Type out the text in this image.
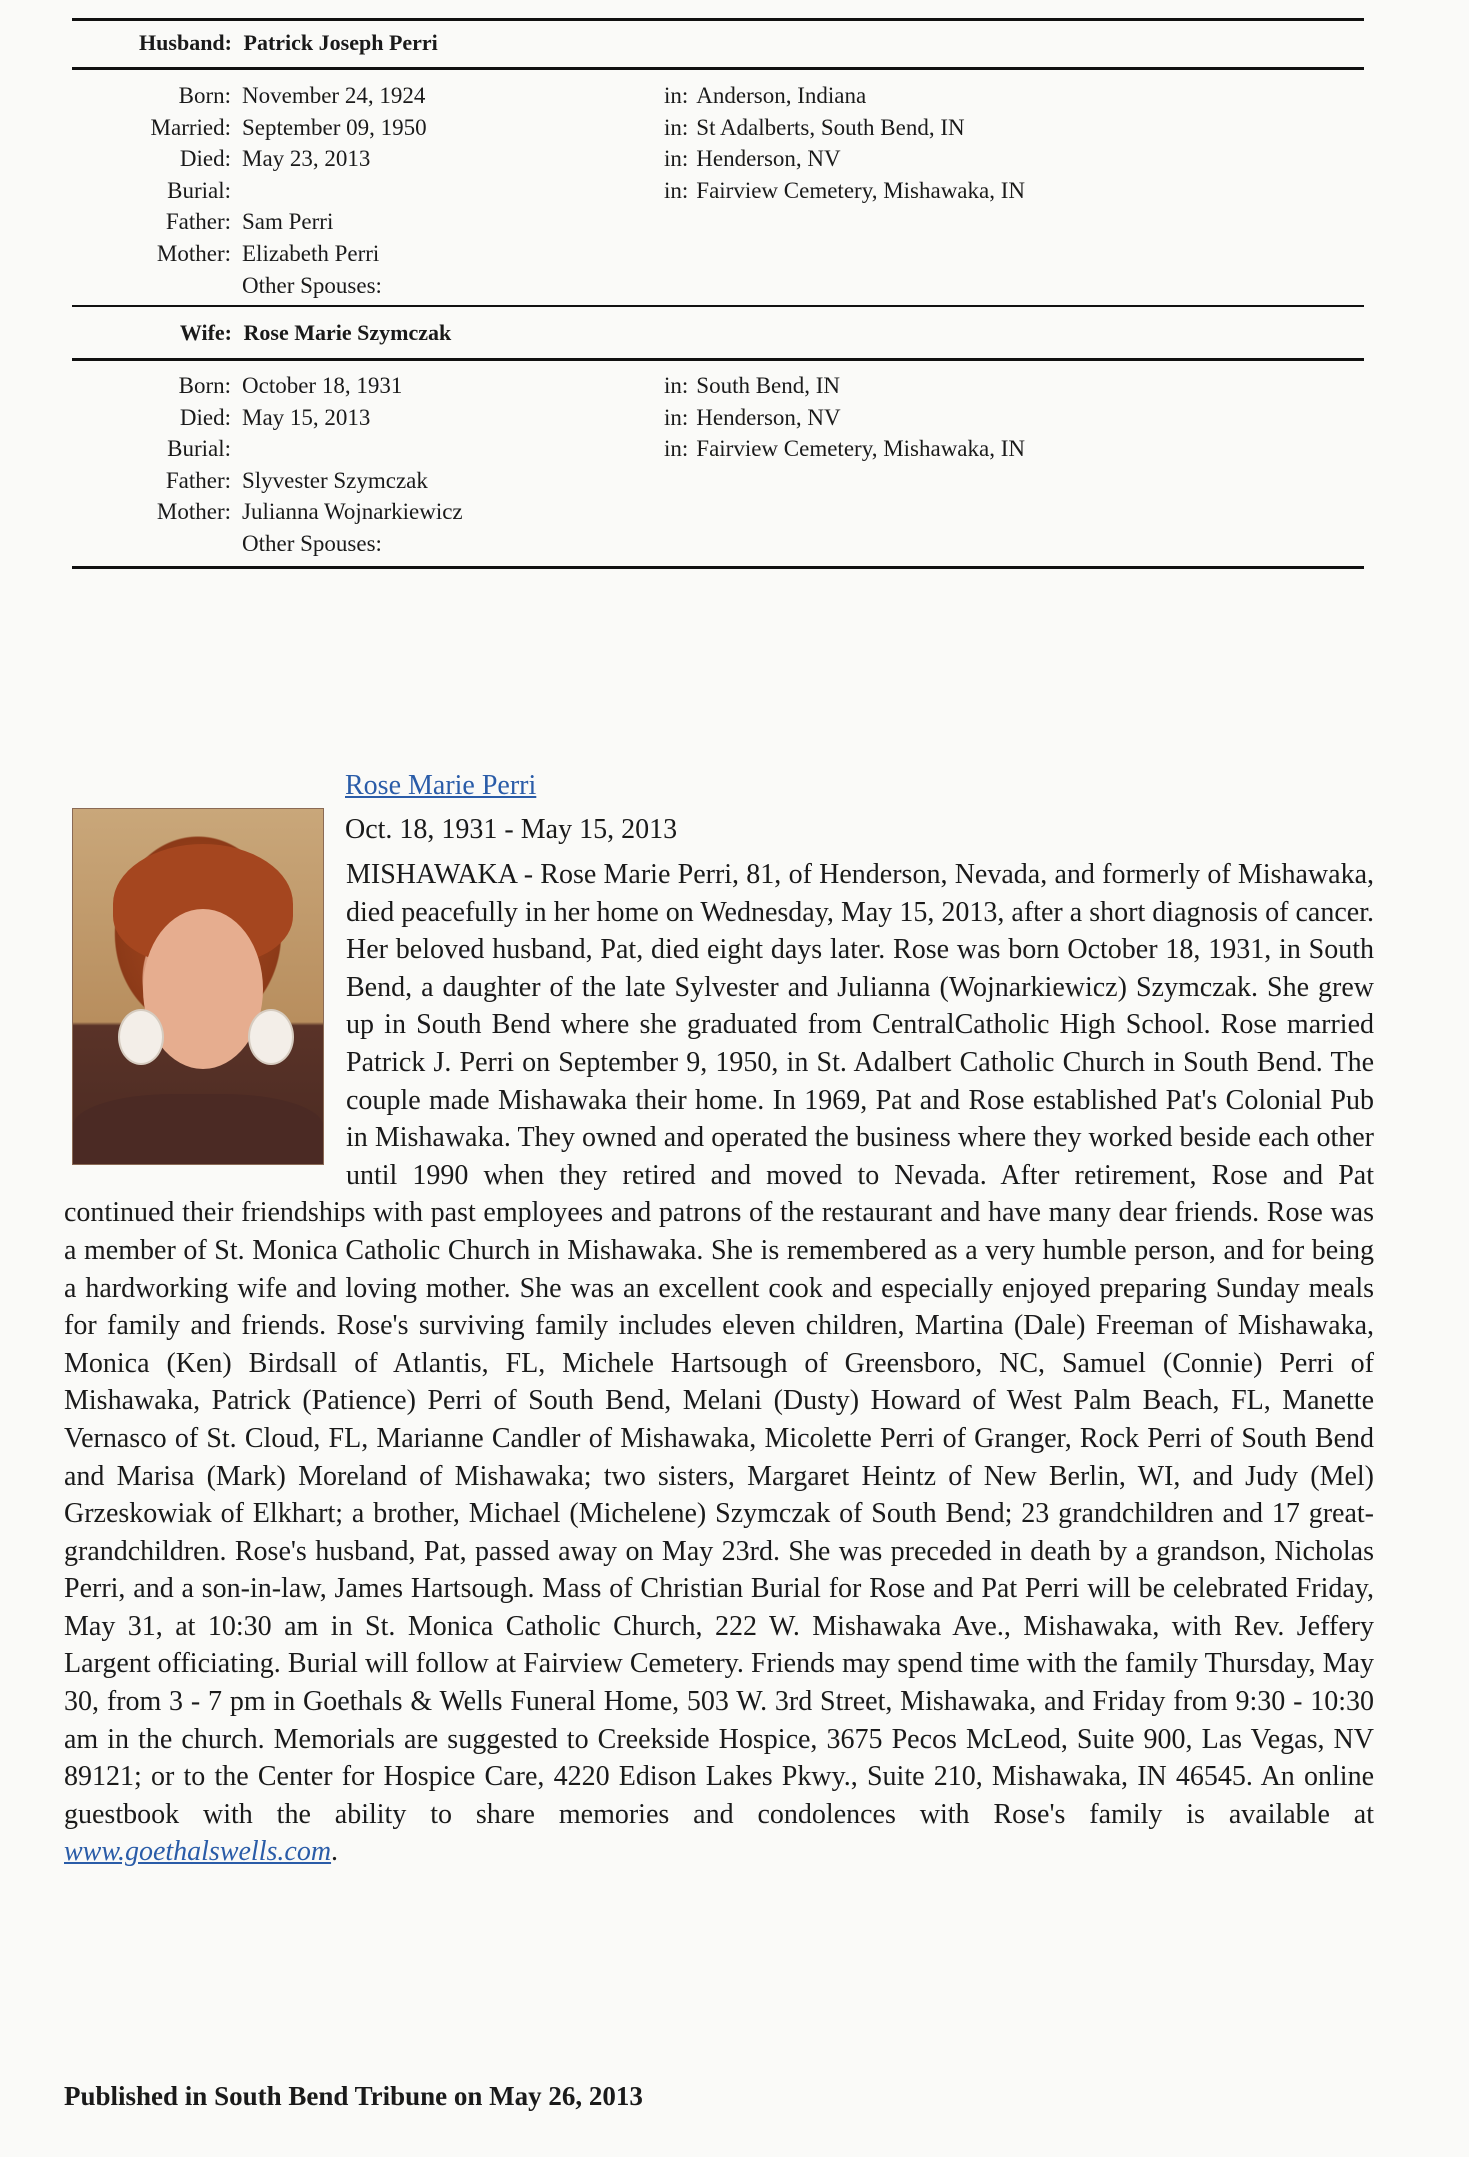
Husband: Patrick Joseph Perri
Born: November 24, 1924	in: Anderson, Indiana
Married: September 09, 1950	in: St Adalberts, South Bend, IN
Died: May 23, 2013	in: Henderson, NV
Burial:	in: Fairview Cemetery, Mishawaka, IN
Father: Sam Perri
Mother: Elizabeth Perri
Other Spouses:
Wife: Rose Marie Szymczak
Born: October 18, 1931	in: South Bend, IN
Died: May 15, 2013	in: Henderson, NV
Burial:	in: Fairview Cemetery, Mishawaka, IN
Father: Slyvester Szymczak
Mother: Julianna Wojnarkiewicz
Other Spouses:
Rose Marie Perri
Oct. 18, 1931 - May 15, 2013
MISHAWAKA - Rose Marie Perri, 81, of Henderson, Nevada, and formerly of Mishawaka, died peacefully in her home on Wednesday, May 15, 2013, after a short diagnosis of cancer. Her beloved husband, Pat, died eight days later. Rose was born October 18, 1931, in South Bend, a daughter of the late Sylvester and Julianna (Wojnarkiewicz) Szymczak. She grew up in South Bend where she graduated from CentralCatholic High School. Rose married Patrick J. Perri on September 9, 1950, in St. Adalbert Catholic Church in South Bend. The couple made Mishawaka their home. In 1969, Pat and Rose established Pat's Colonial Pub in Mishawaka. They owned and operated the business where they worked beside each other until 1990 when they retired and moved to Nevada. After retirement, Rose and Pat continued their friendships with past employees and patrons of the restaurant and have many dear friends. Rose was a member of St. Monica Catholic Church in Mishawaka. She is remembered as a very humble person, and for being a hardworking wife and loving mother. She was an excellent cook and especially enjoyed preparing Sunday meals for family and friends. Rose's surviving family includes eleven children, Martina (Dale) Freeman of Mishawaka, Monica (Ken) Birdsall of Atlantis, FL, Michele Hartsough of Greensboro, NC, Samuel (Connie) Perri of Mishawaka, Patrick (Patience) Perri of South Bend, Melani (Dusty) Howard of West Palm Beach, FL, Manette Vernasco of St. Cloud, FL, Marianne Candler of Mishawaka, Micolette Perri of Granger, Rock Perri of South Bend and Marisa (Mark) Moreland of Mishawaka; two sisters, Margaret Heintz of New Berlin, WI, and Judy (Mel) Grzeskowiak of Elkhart; a brother, Michael (Michelene) Szymczak of South Bend; 23 grandchildren and 17 great-grandchildren. Rose's husband, Pat, passed away on May 23rd. She was preceded in death by a grandson, Nicholas Perri, and a son-in-law, James Hartsough. Mass of Christian Burial for Rose and Pat Perri will be celebrated Friday, May 31, at 10:30 am in St. Monica Catholic Church, 222 W. Mishawaka Ave., Mishawaka, with Rev. Jeffery Largent officiating. Burial will follow at Fairview Cemetery. Friends may spend time with the family Thursday, May 30, from 3 - 7 pm in Goethals & Wells Funeral Home, 503 W. 3rd Street, Mishawaka, and Friday from 9:30 - 10:30 am in the church. Memorials are suggested to Creekside Hospice, 3675 Pecos McLeod, Suite 900, Las Vegas, NV 89121; or to the Center for Hospice Care, 4220 Edison Lakes Pkwy., Suite 210, Mishawaka, IN 46545. An online guestbook with the ability to share memories and condolences with Rose's family is available at www.goethalswells.com.
Published in South Bend Tribune on May 26, 2013
